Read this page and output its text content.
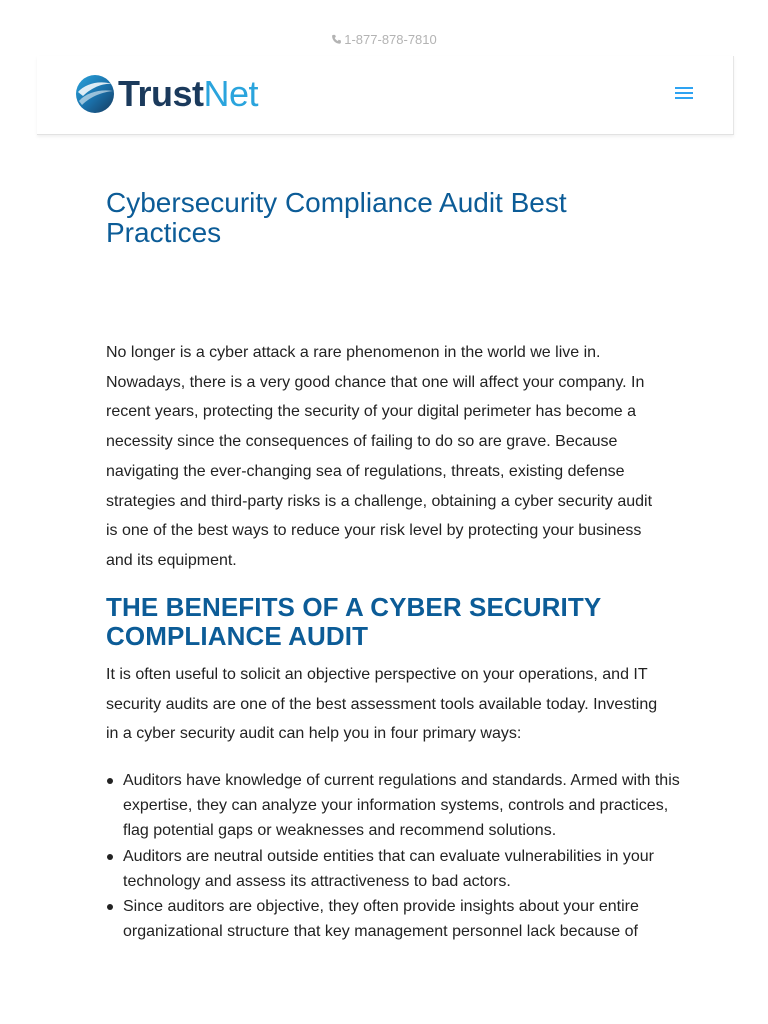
1-877-878-7810
TrustNet
Cybersecurity Compliance Audit Best Practices

No longer is a cyber attack a rare phenomenon in the world we live in. Nowadays, there is a very good chance that one will affect your company. In recent years, protecting the security of your digital perimeter has become a necessity since the consequences of failing to do so are grave. Because navigating the ever-changing sea of regulations, threats, existing defense strategies and third-party risks is a challenge, obtaining a cyber security audit is one of the best ways to reduce your risk level by protecting your business and its equipment.

THE BENEFITS OF A CYBER SECURITY COMPLIANCE AUDIT

It is often useful to solicit an objective perspective on your operations, and IT security audits are one of the best assessment tools available today. Investing in a cyber security audit can help you in four primary ways:

Auditors have knowledge of current regulations and standards. Armed with this expertise, they can analyze your information systems, controls and practices, flag potential gaps or weaknesses and recommend solutions.
Auditors are neutral outside entities that can evaluate vulnerabilities in your technology and assess its attractiveness to bad actors.
Since auditors are objective, they often provide insights about your entire organizational structure that key management personnel lack because of
